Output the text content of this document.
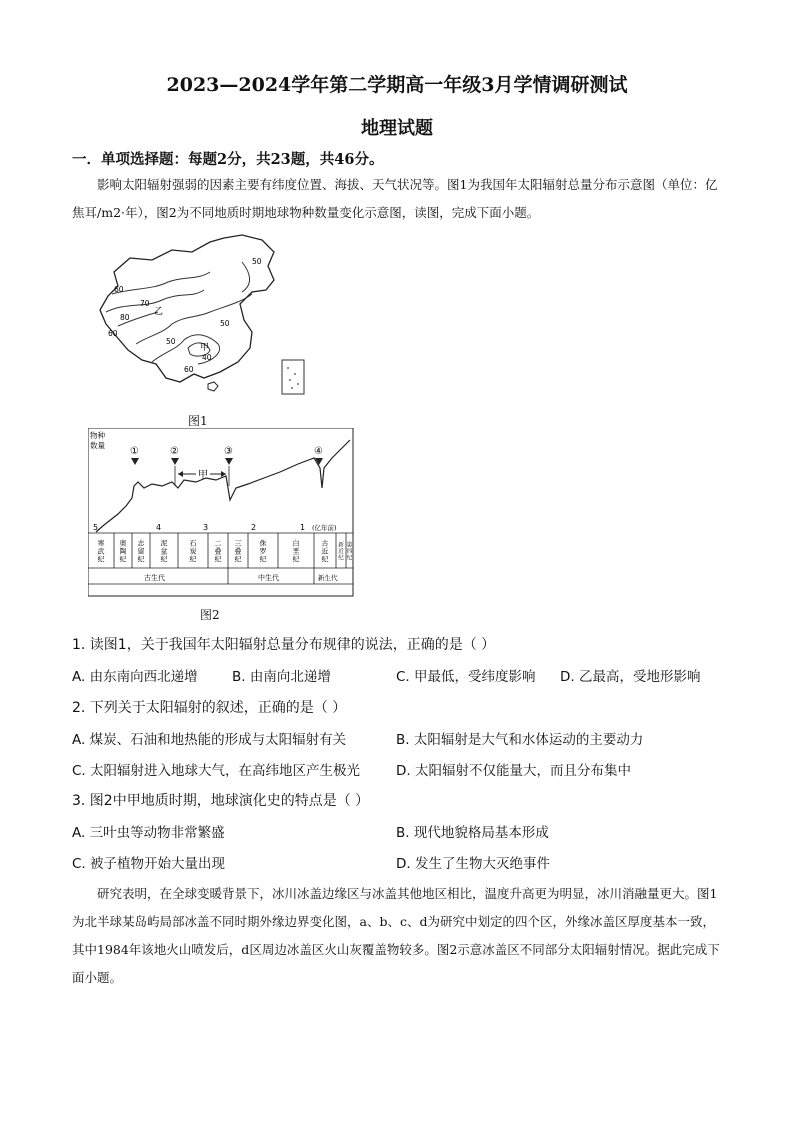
2023—2024学年第二学期高一年级3月学情调研测试
地理试题
一．单项选择题：每题2分，共23题，共46分。
影响太阳辐射强弱的因素主要有纬度位置、海拔、天气状况等。图1为我国年太阳辐射总量分布示意图（单位：亿焦耳/m2·年），图2为不同地质时期地球物种数量变化示意图，读图，完成下面小题。
50
60
70
80
60
50
50
40
60
甲
乙
图1
物种
数量
①	②	③	④
甲
5	4	3	2	1 (亿年前)
寒武纪
奥陶纪
志留纪
泥盆纪
石炭纪
二叠纪
三叠纪
侏罗纪
白垩纪
古近纪
新近纪
第四纪
古生代	中生代	新生代
图2
1. 读图1，关于我国年太阳辐射总量分布规律的说法，正确的是（ ）
A. 由东南向西北递增	B. 由南向北递增	C. 甲最低，受纬度影响 D. 乙最高，受地形影响
2. 下列关于太阳辐射的叙述，正确的是（ ）
A. 煤炭、石油和地热能的形成与太阳辐射有关	B. 太阳辐射是大气和水体运动的主要动力
C. 太阳辐射进入地球大气，在高纬地区产生极光	D. 太阳辐射不仅能量大，而且分布集中
3. 图2中甲地质时期，地球演化史的特点是（ ）
A. 三叶虫等动物非常繁盛	B. 现代地貌格局基本形成
C. 被子植物开始大量出现	D. 发生了生物大灭绝事件
研究表明，在全球变暖背景下，冰川冰盖边缘区与冰盖其他地区相比，温度升高更为明显，冰川消融量更大。图1为北半球某岛屿局部冰盖不同时期外缘边界变化图，a、b、c、d为研究中划定的四个区，外缘冰盖区厚度基本一致，其中1984年该地火山喷发后，d区周边冰盖区火山灰覆盖物较多。图2示意冰盖区不同部分太阳辐射情况。据此完成下面小题。
